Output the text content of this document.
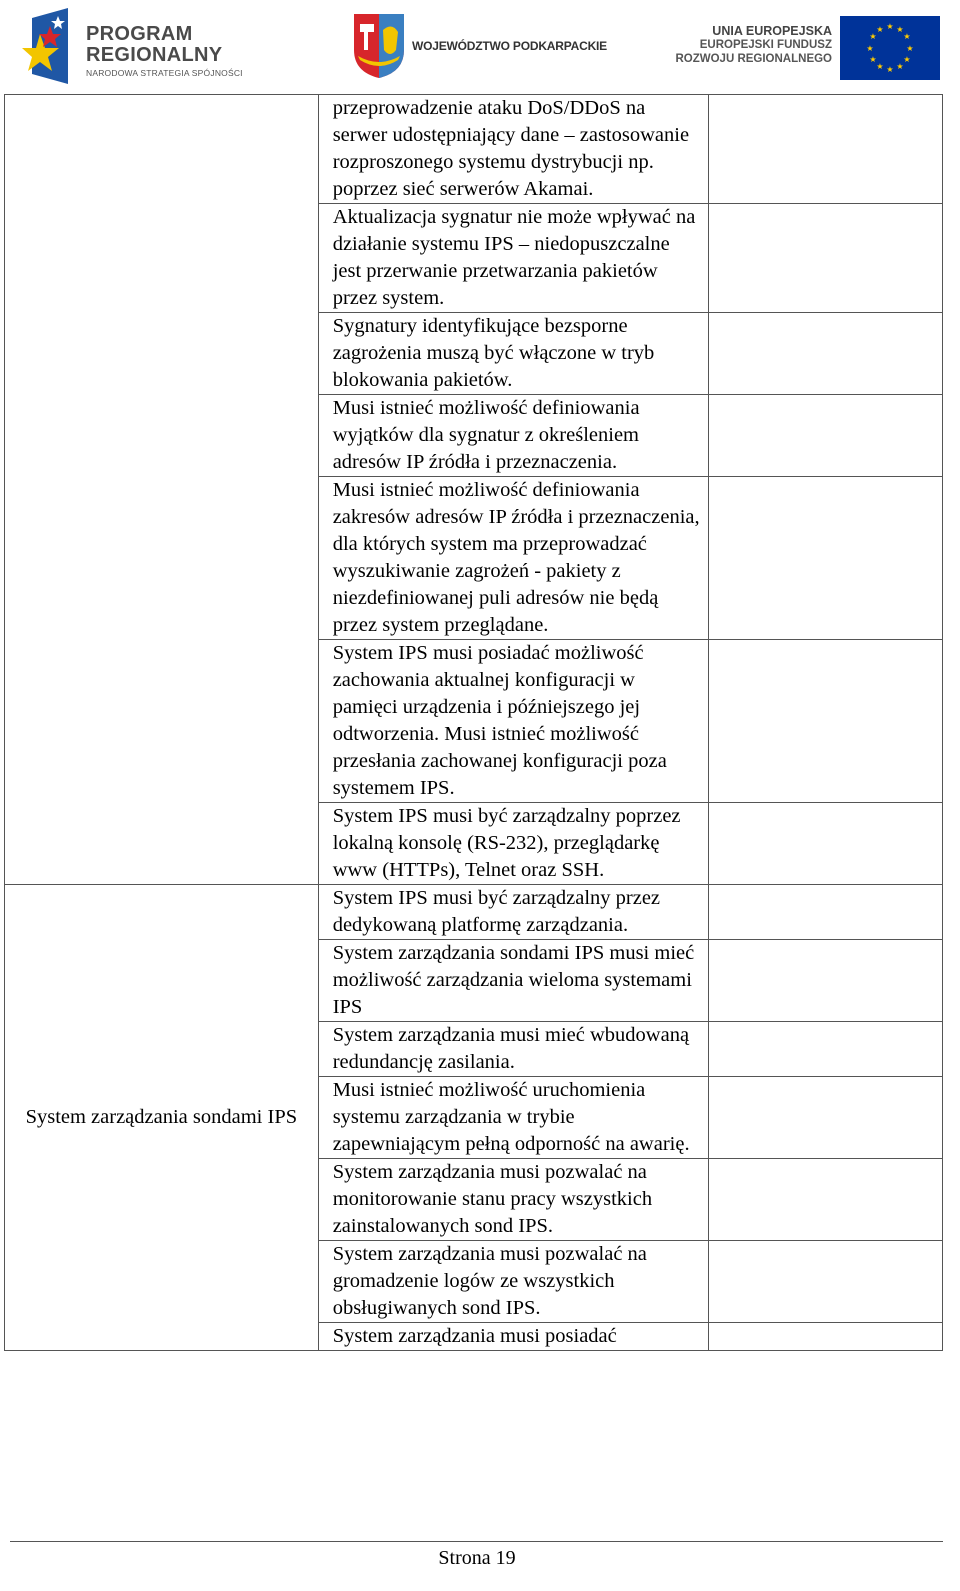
PROGRAM
REGIONALNY
NARODOWA STRATEGIA SPÓJNOŚCI
WOJEWÓDZTWO PODKARPACKIE
UNIA EUROPEJSKA
EUROPEJSKI FUNDUSZ
ROZWOJU REGIONALNEGO
★ ★
★
★
★
★
★
★
★
★
★
★
	przeprowadzenie ataku DoS/DDoS na serwer udostępniający dane – zastosowanie rozproszonego systemu dystrybucji np. poprzez sieć serwerów Akamai.	
	Aktualizacja sygnatur nie może wpływać na działanie systemu IPS – niedopuszczalne jest przerwanie przetwarzania pakietów przez system.	
	Sygnatury identyfikujące bezsporne zagrożenia muszą być włączone w tryb blokowania pakietów.	
	Musi istnieć możliwość definiowania wyjątków dla sygnatur z określeniem adresów IP źródła i przeznaczenia.	
	Musi istnieć możliwość definiowania zakresów adresów IP źródła i przeznaczenia, dla których system ma przeprowadzać wyszukiwanie zagrożeń - pakiety z niezdefiniowanej puli adresów nie będą przez system przeglądane.	
	System IPS musi posiadać możliwość zachowania aktualnej konfiguracji w pamięci urządzenia i późniejszego jej odtworzenia. Musi istnieć możliwość przesłania zachowanej konfiguracji poza systemem IPS.	
	System IPS musi być zarządzalny poprzez lokalną konsolę (RS-232), przeglądarkę www (HTTPs), Telnet oraz SSH.	

System zarządzania sondami IPS	System IPS musi być zarządzalny przez dedykowaną platformę zarządzania.	
	System zarządzania sondami IPS musi mieć możliwość zarządzania wieloma systemami IPS	
	System zarządzania musi mieć wbudowaną redundancję zasilania.	
	Musi istnieć możliwość uruchomienia systemu zarządzania w trybie zapewniającym pełną odporność na awarię.	
	System zarządzania musi pozwalać na monitorowanie stanu pracy wszystkich zainstalowanych sond IPS.	
	System zarządzania musi pozwalać na gromadzenie logów ze wszystkich obsługiwanych sond IPS.	
	System zarządzania musi posiadać	
Strona 19
